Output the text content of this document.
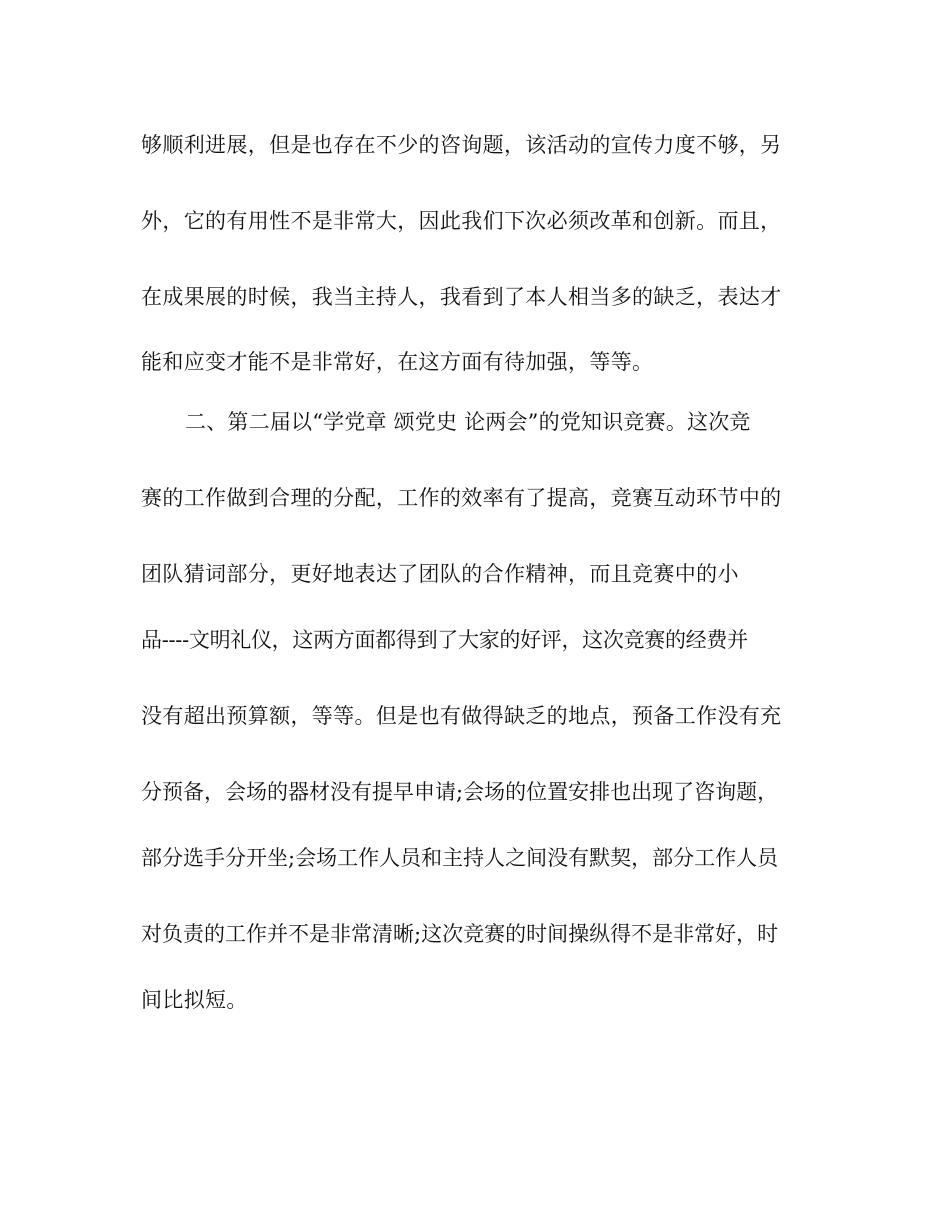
够顺利进展，但是也存在不少的咨询题，该活动的宣传力度不够，另
外，它的有用性不是非常大，因此我们下次必须改革和创新。而且，
在成果展的时候，我当主持人，我看到了本人相当多的缺乏，表达才
能和应变才能不是非常好，在这方面有待加强，等等。
二、第二届以“学党章 颂党史 论两会”的党知识竞赛。这次竞
赛的工作做到合理的分配，工作的效率有了提高，竞赛互动环节中的
团队猜词部分，更好地表达了团队的合作精神，而且竞赛中的小
品----文明礼仪，这两方面都得到了大家的好评，这次竞赛的经费并
没有超出预算额，等等。但是也有做得缺乏的地点，预备工作没有充
分预备，会场的器材没有提早申请;会场的位置安排也出现了咨询题，
部分选手分开坐;会场工作人员和主持人之间没有默契，部分工作人员
对负责的工作并不是非常清晰;这次竞赛的时间操纵得不是非常好，时
间比拟短。
